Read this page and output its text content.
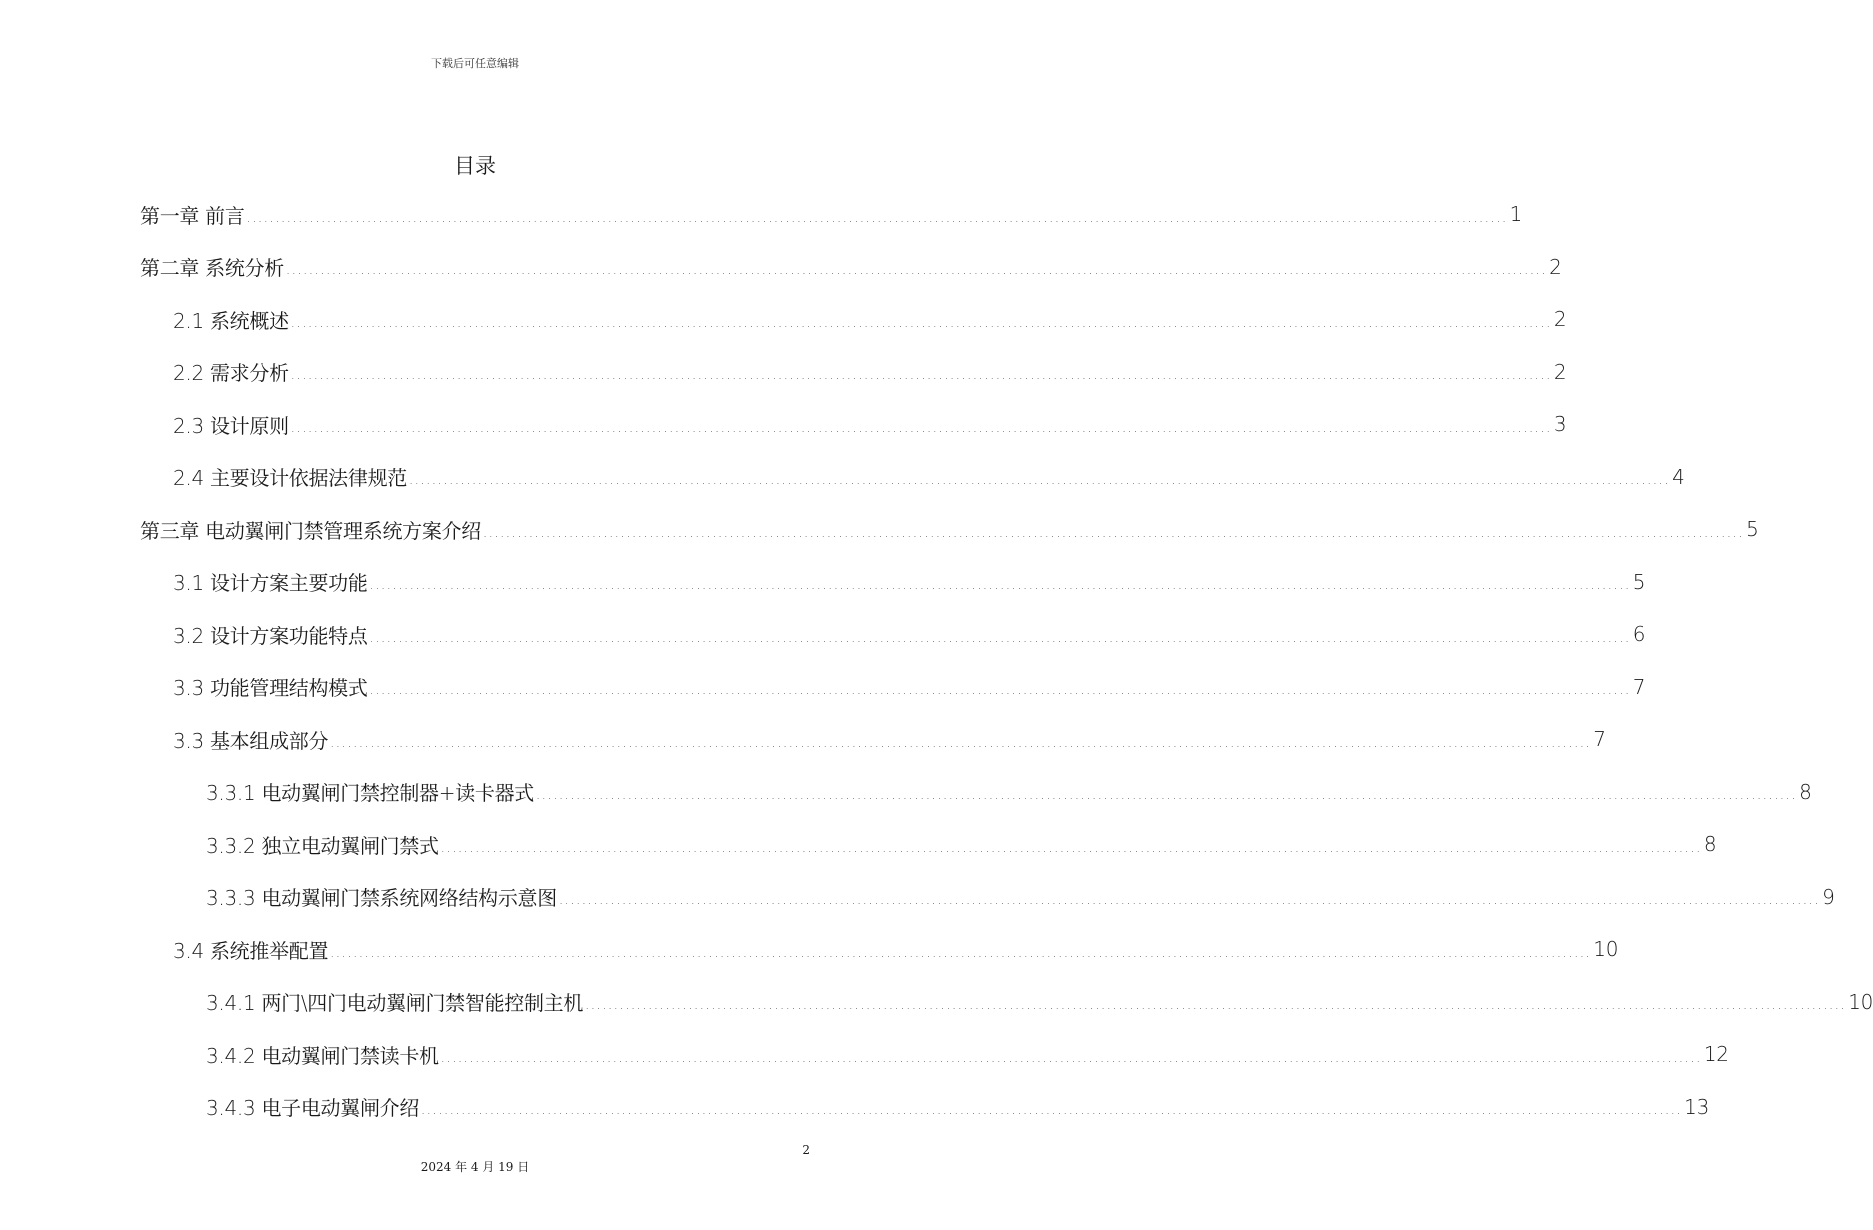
下载后可任意编辑
目录
第一章 前言 ............................................................................................................................................................................................................................ 1
第二章 系统分析 ............................................................................................................................................................................................................................ 2
2.1 系统概述 ............................................................................................................................................................................................................................ 2
2.2 需求分析 ............................................................................................................................................................................................................................ 2
2.3 设计原则 ............................................................................................................................................................................................................................ 3
2.4 主要设计依据法律规范 ............................................................................................................................................................................................................................ 4
第三章 电动翼闸门禁管理系统方案介绍 ............................................................................................................................................................................................................................ 5
3.1 设计方案主要功能 ............................................................................................................................................................................................................................ 5
3.2 设计方案功能特点 ............................................................................................................................................................................................................................ 6
3.3 功能管理结构模式 ............................................................................................................................................................................................................................ 7
3.3 基本组成部分 ............................................................................................................................................................................................................................ 7
3.3.1 电动翼闸门禁控制器+读卡器式 ............................................................................................................................................................................................................................ 8
3.3.2 独立电动翼闸门禁式 ............................................................................................................................................................................................................................ 8
3.3.3 电动翼闸门禁系统网络结构示意图 ............................................................................................................................................................................................................................ 9
3.4 系统推举配置 ............................................................................................................................................................................................................................ 10
3.4.1 两门\四门电动翼闸门禁智能控制主机 ............................................................................................................................................................................................................................ 10
3.4.2 电动翼闸门禁读卡机 ............................................................................................................................................................................................................................ 12
3.4.3 电子电动翼闸介绍 ............................................................................................................................................................................................................................ 13
2
2024 年 4 月 19 日
